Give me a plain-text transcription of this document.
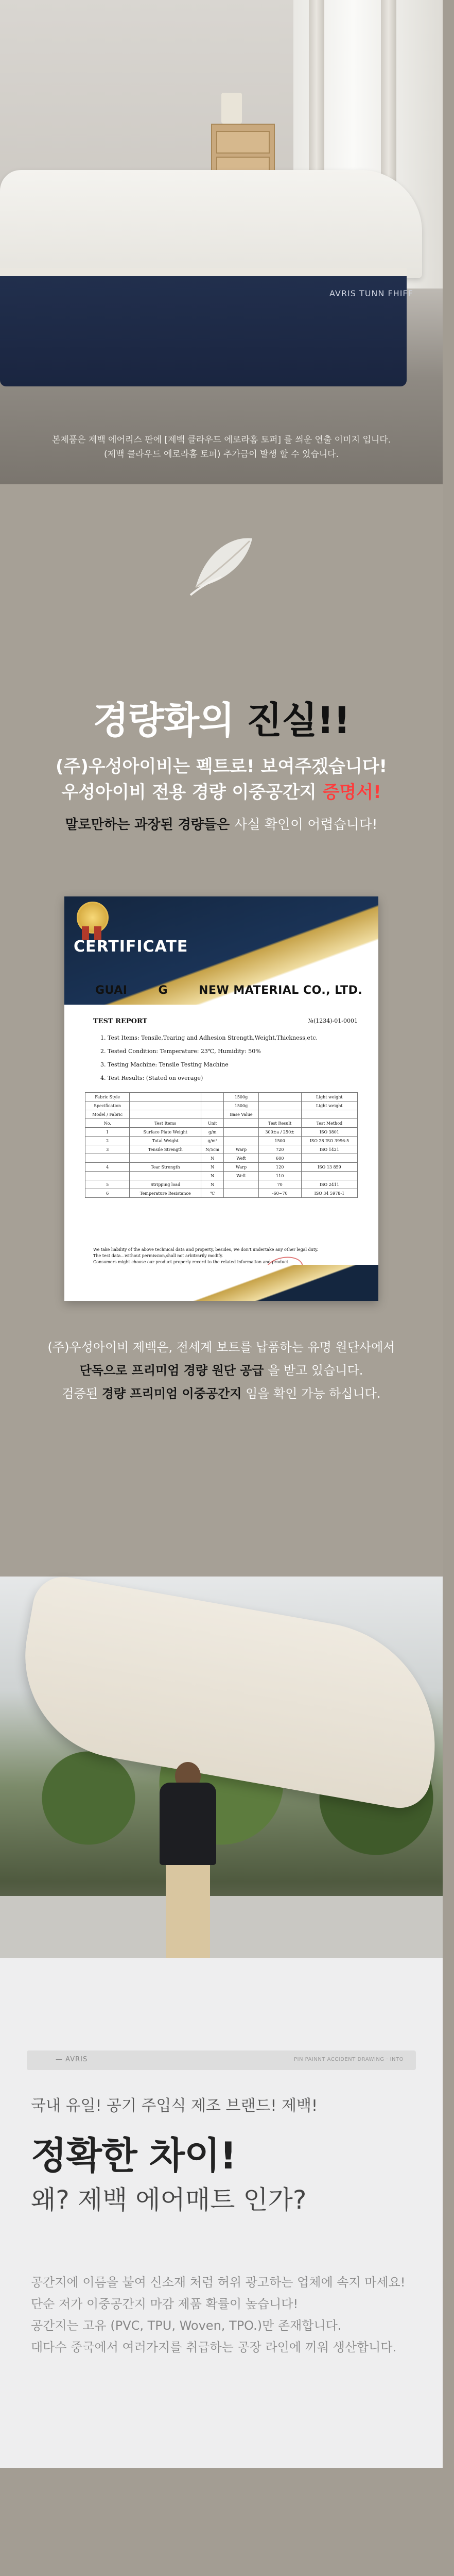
AVRIS TUNN FHIFF
본제품은 제백 에어리스 판에 [제백 클라우드 에로라홈 토퍼] 를 씌운 연출 이미지 입니다.
(제백 클라우드 에로라홈 토퍼) 추가금이 발생 할 수 있습니다.
경량화의 진실!!
(주)우성아이비는 펙트로! 보여주겠습니다!
우성아이비 전용 경량 이중공간지 증명서!
말로만하는 과장된 경량들은 사실 확인이 어렵습니다!
CERTIFICATE
GUAI	G	NEW MATERIAL CO., LTD.
TEST REPORT	№(1234)-01-0001
1. Test Items: Tensile,Tearing and Adhesion Strength,Weight,Thickness,etc.
2. Tested Condition: Temperature: 23℃, Humidity: 50%
3. Testing Machine: Tensile Testing Machine
4. Test Results: (Stated on overage)
Fabric Style			1500g		Light weight
Specification			1500g		Light weight
Model / Fabric			Base Value		
No.	Test Items	Unit		Test Result	Test Method
1	Surface Plate Weight	g/m		300±a / 250±	ISO 3801
2	Total Weight	g/m²		1500	ISO 28 ISO 3996-5
3	Tensile Strength	N/5cm	Warp	720	ISO 1421
		N	Weft	600	
4	Tear Strength	N	Warp	120	ISO 13 859
		N	Weft	110	
5	Stripping load	N		70	ISO 2411
6	Temperature Resistance	℃		-60~70	ISO 34 5978-1
We take liability of the above technical data and property, besides, we don't undertake any other legal duty.
The test data...without permission,shall not arbitrarily modify.
Consumers might choose our product properly record to the related information and product.
(주)우성아이비 제백은, 전세계 보트를 납품하는 유명 원단사에서
단독으로 프리미엄 경량 원단 공급 을 받고 있습니다.
검증된 경량 프리미엄 이중공간지 임을 확인 가능 하십니다.
— AVRIS	PIN PAINNT ACCIDENT DRAWING · INTO
국내 유일! 공기 주입식 제조 브랜드! 제백!
정확한 차이!
왜? 제백 에어매트 인가?
공간지에 이름을 붙여 신소재 처럼 허위 광고하는 업체에 속지 마세요!
단순 저가 이중공간지 마감 제품 확률이 높습니다!
공간지는 고유 (PVC, TPU, Woven, TPO.)만 존재합니다.
대다수 중국에서 여러가지를 취급하는 공장 라인에 끼워 생산합니다.
